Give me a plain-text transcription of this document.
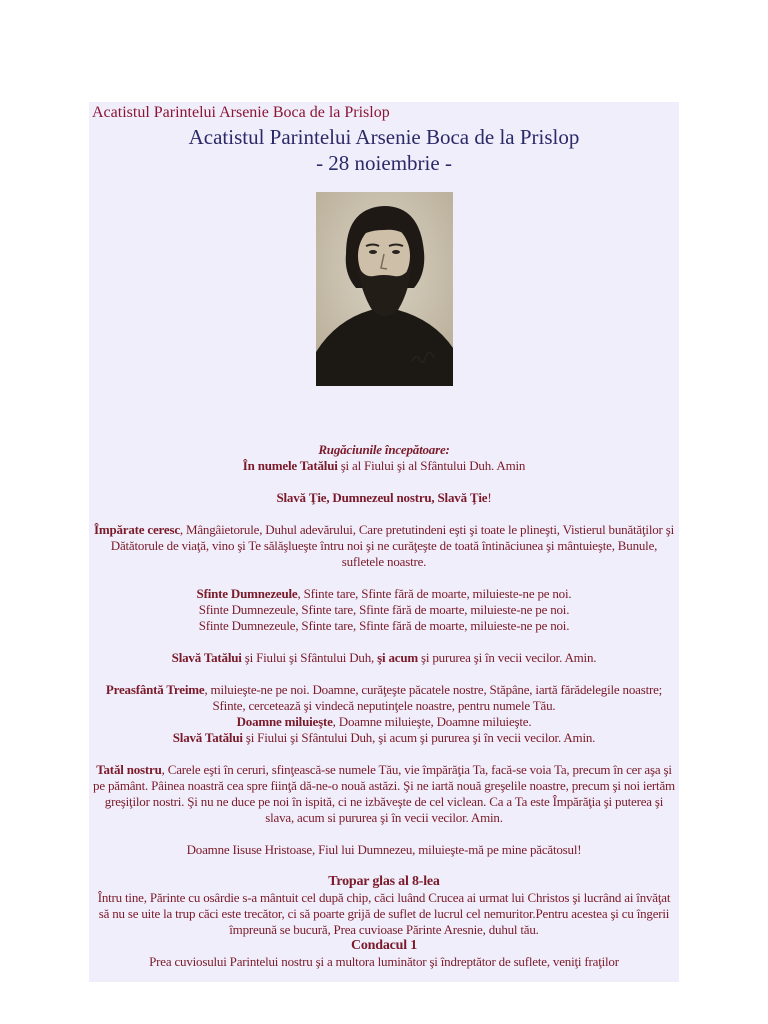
Acatistul Parintelui Arsenie Boca de la Prislop
Acatistul Parintelui Arsenie Boca de la Prislop
- 28 noiembrie -

Rugăciunile începătoare:

În numele Tatălui şi al Fiului şi al Sfântului Duh. Amin

Slavă Ţie, Dumnezeul nostru, Slavă Ţie!

Împărate ceresc, Mângâietorule, Duhul adevărului, Care pretutindeni eşti şi toate le plineşti, Vistierul bunătăţilor şi Dătătorule de viaţă, vino şi Te sălăşlueşte întru noi şi ne curăţeşte de toată întinăciunea şi mântuieşte, Bunule, sufletele noastre.

Sfinte Dumnezeule, Sfinte tare, Sfinte fără de moarte, miluieste-ne pe noi.

Sfinte Dumnezeule, Sfinte tare, Sfinte fără de moarte, miluieste-ne pe noi.

Sfinte Dumnezeule, Sfinte tare, Sfinte fără de moarte, miluieste-ne pe noi.

Slavă Tatălui şi Fiului şi Sfântului Duh, şi acum şi pururea şi în vecii vecilor. Amin.

Preasfântă Treime, miluieşte-ne pe noi. Doamne, curăţeşte păcatele nostre, Stăpâne, iartă fărădelegile noastre; Sfinte, cercetează şi vindecă neputinţele noastre, pentru numele Tău.

Doamne miluieşte, Doamne miluieşte, Doamne miluieşte.

Slavă Tatălui şi Fiului şi Sfântului Duh, şi acum şi pururea şi în vecii vecilor. Amin.

Tatăl nostru, Carele eşti în ceruri, sfinţească-se numele Tău, vie împărăţia Ta, facă-se voia Ta, precum în cer aşa şi pe pământ. Pâinea noastră cea spre fiinţă dă-ne-o nouă astăzi. Şi ne iartă nouă greşelile noastre, precum şi noi iertăm greşiţilor nostri. Şi nu ne duce pe noi în ispită, ci ne izbăveşte de cel viclean. Ca a Ta este Împărăţia şi puterea şi slava, acum si pururea şi în vecii vecilor. Amin.

Doamne Iisuse Hristoase, Fiul lui Dumnezeu, miluieşte-mă pe mine păcătosul!

Tropar glas al 8-lea

Întru tine, Părinte cu osârdie s-a mântuit cel după chip, căci luând Crucea ai urmat lui Christos şi lucrând ai învăţat să nu se uite la trup căci este trecător, ci să poarte grijă de suflet de lucrul cel nemuritor.Pentru acestea şi cu îngerii împreună se bucură, Prea cuvioase Părinte Aresnie, duhul tău.

Condacul 1

Prea cuviosului Parintelui nostru şi a multora luminător şi îndreptător de suflete, veniţi fraţilor
